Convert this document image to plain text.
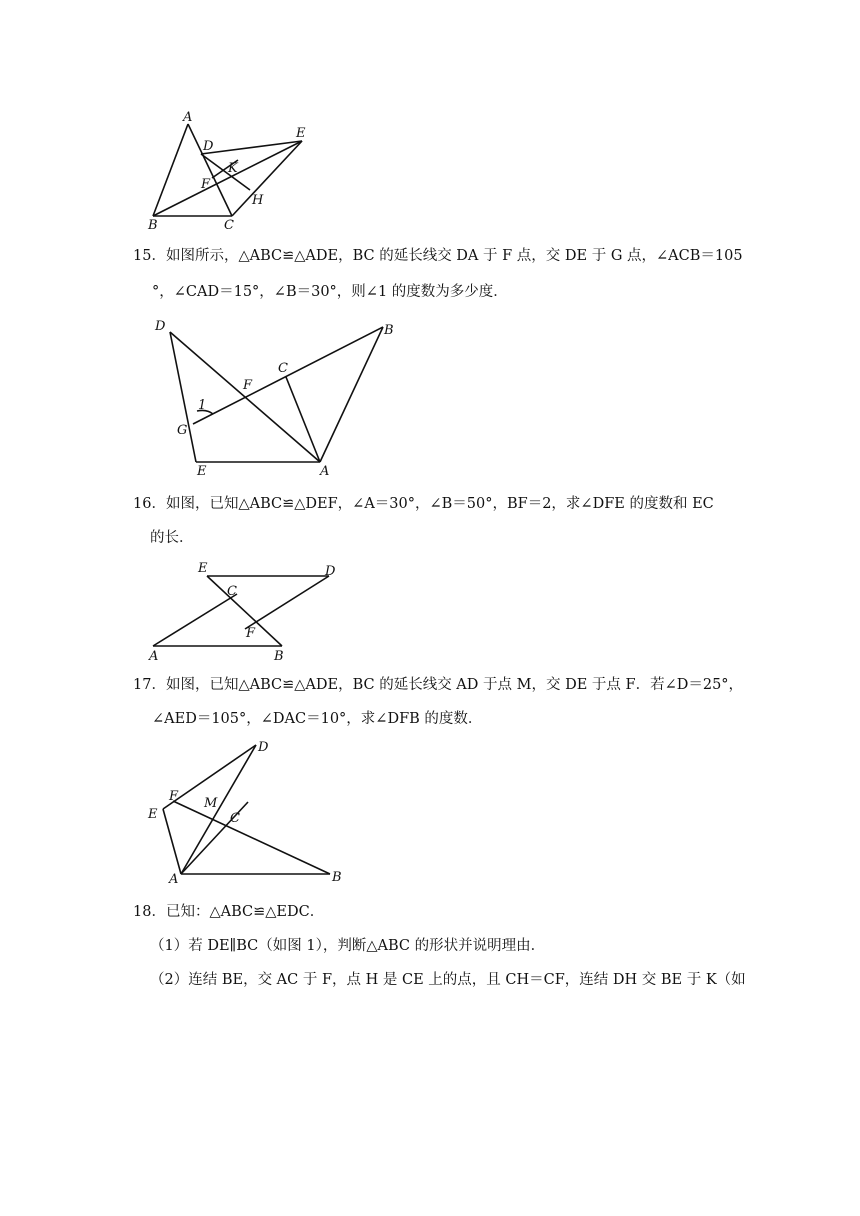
A
D
E
K
F
H
B	C
15．如图所示，△ABC≌△ADE，BC 的延长线交 DA 于 F 点，交 DE 于 G 点，∠ACB＝105
°，∠CAD＝15°，∠B＝30°，则∠1 的度数为多少度．
D	B
C
F
1
G
E	A
16．如图，已知△ABC≌△DEF，∠A＝30°，∠B＝50°，BF＝2，求∠DFE 的度数和 EC
的长．
E	D
C
F
A	B
17．如图，已知△ABC≌△ADE，BC 的延长线交 AD 于点 M，交 DE 于点 F．若∠D＝25°，
∠AED＝105°，∠DAC＝10°，求∠DFB 的度数．
D
F M
E	C
A	B
18．已知：△ABC≌△EDC．
（1）若 DE∥BC（如图 1），判断△ABC 的形状并说明理由．
（2）连结 BE，交 AC 于 F，点 H 是 CE 上的点，且 CH＝CF，连结 DH 交 BE 于 K（如
